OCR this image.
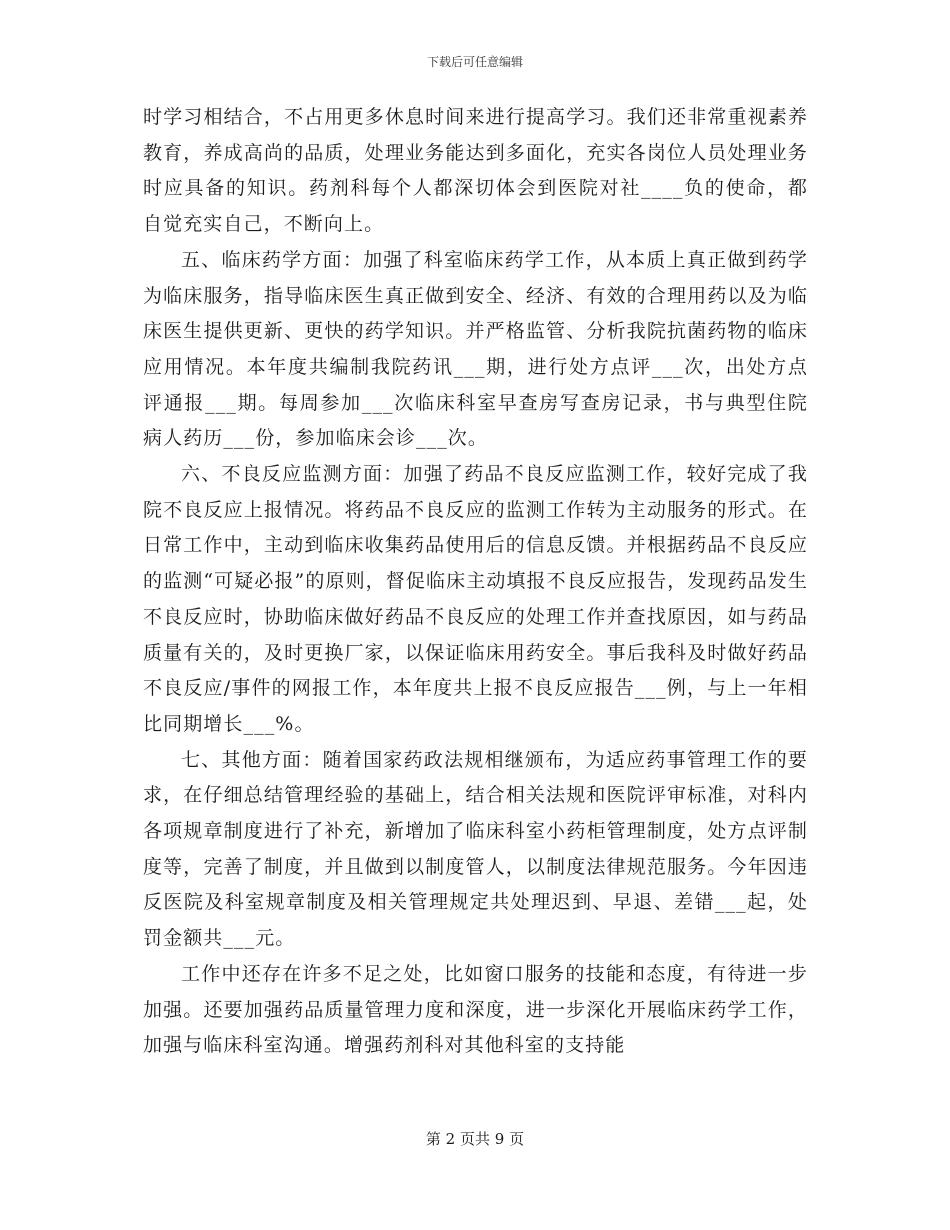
下载后可任意编辑

时学习相结合，不占用更多休息时间来进行提高学习。我们还非常重视素养教育，养成高尚的品质，处理业务能达到多面化，充实各岗位人员处理业务时应具备的知识。药剂科每个人都深切体会到医院对社____负的使命，都自觉充实自己，不断向上。

五、临床药学方面：加强了科室临床药学工作，从本质上真正做到药学为临床服务，指导临床医生真正做到安全、经济、有效的合理用药以及为临床医生提供更新、更快的药学知识。并严格监管、分析我院抗菌药物的临床应用情况。本年度共编制我院药讯___期，进行处方点评___次，出处方点评通报___期。每周参加___次临床科室早查房写查房记录，书与典型住院病人药历___份，参加临床会诊___次。

六、不良反应监测方面：加强了药品不良反应监测工作，较好完成了我院不良反应上报情况。将药品不良反应的监测工作转为主动服务的形式。在日常工作中，主动到临床收集药品使用后的信息反馈。并根据药品不良反应的监测“可疑必报”的原则，督促临床主动填报不良反应报告，发现药品发生不良反应时，协助临床做好药品不良反应的处理工作并查找原因，如与药品质量有关的，及时更换厂家，以保证临床用药安全。事后我科及时做好药品不良反应/事件的网报工作，本年度共上报不良反应报告___例，与上一年相比同期增长___%。

七、其他方面：随着国家药政法规相继颁布，为适应药事管理工作的要求，在仔细总结管理经验的基础上，结合相关法规和医院评审标准，对科内各项规章制度进行了补充，新增加了临床科室小药柜管理制度，处方点评制度等，完善了制度，并且做到以制度管人，以制度法律规范服务。今年因违反医院及科室规章制度及相关管理规定共处理迟到、早退、差错___起，处罚金额共___元。

工作中还存在许多不足之处，比如窗口服务的技能和态度，有待进一步加强。还要加强药品质量管理力度和深度，进一步深化开展临床药学工作，加强与临床科室沟通。增强药剂科对其他科室的支持能

第 2 页共 9 页
